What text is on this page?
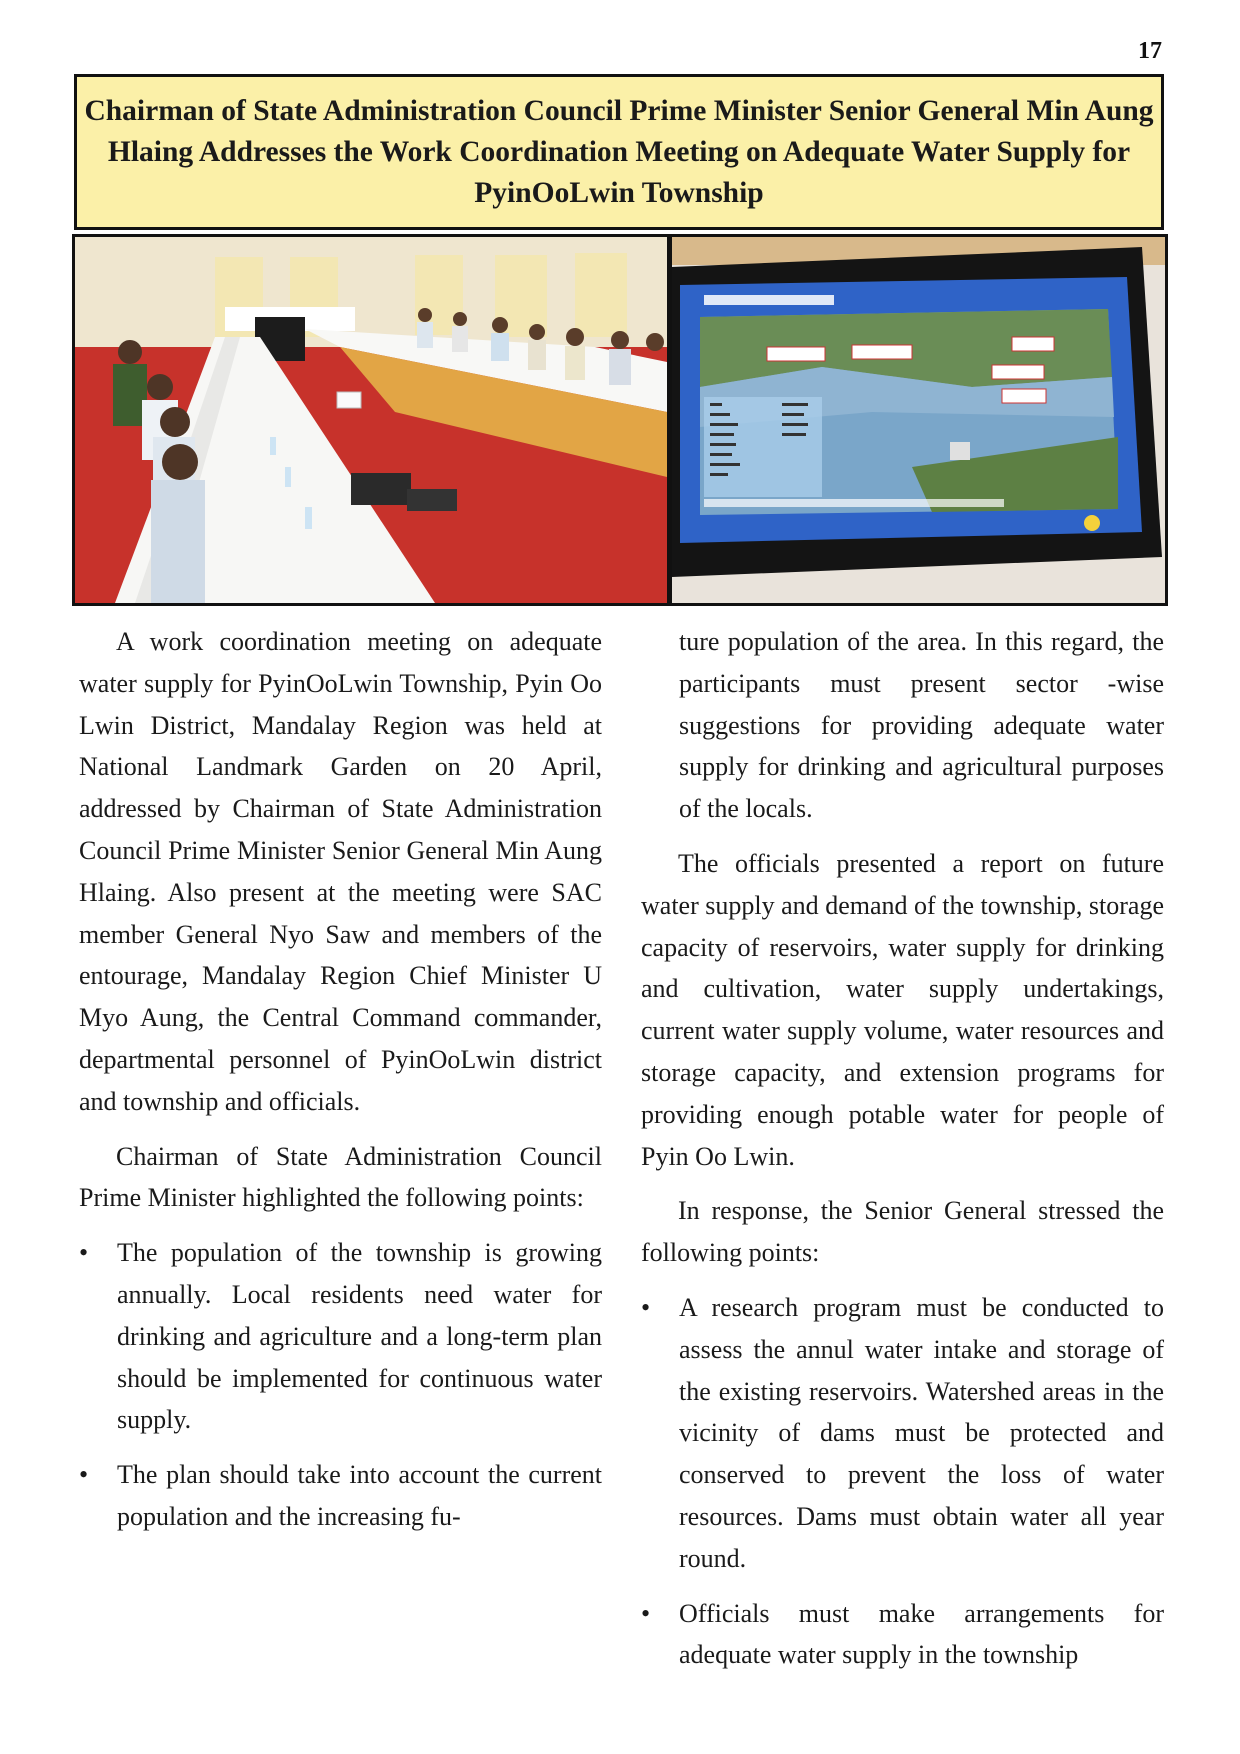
17
Chairman of State Administration Council Prime Minister Senior General Min Aung Hlaing Addresses the Work Coordination Meeting on Adequate Water Supply for PyinOoLwin Township

A work coordination meeting on adequate water supply for PyinOoLwin Township, Pyin Oo Lwin District, Mandalay Region was held at National Landmark Garden on 20 April, addressed by Chairman of State Administration Council Prime Minister Senior General Min Aung Hlaing. Also present at the meeting were SAC member General Nyo Saw and members of the entourage, Mandalay Region Chief Minister U Myo Aung, the Central Command commander, departmental personnel of PyinOoLwin district and township and officials.

Chairman of State Administration Council Prime Minister highlighted the following points:

• The population of the township is growing annually. Local residents need water for drinking and agriculture and a long-term plan should be implemented for continuous water supply.
• The plan should take into account the current population and the increasing fu-

ture population of the area. In this regard, the participants must present sector -wise suggestions for providing adequate water supply for drinking and agricultural purposes of the locals.

The officials presented a report on future water supply and demand of the township, storage capacity of reservoirs, water supply for drinking and cultivation, water supply undertakings, current water supply volume, water resources and storage capacity, and extension programs for providing enough potable water for people of Pyin Oo Lwin.

In response, the Senior General stressed the following points:

• A research program must be conducted to assess the annul water intake and storage of the existing reservoirs. Watershed areas in the vicinity of dams must be protected and conserved to prevent the loss of water resources. Dams must obtain water all year round.
• Officials must make arrangements for adequate water supply in the township
